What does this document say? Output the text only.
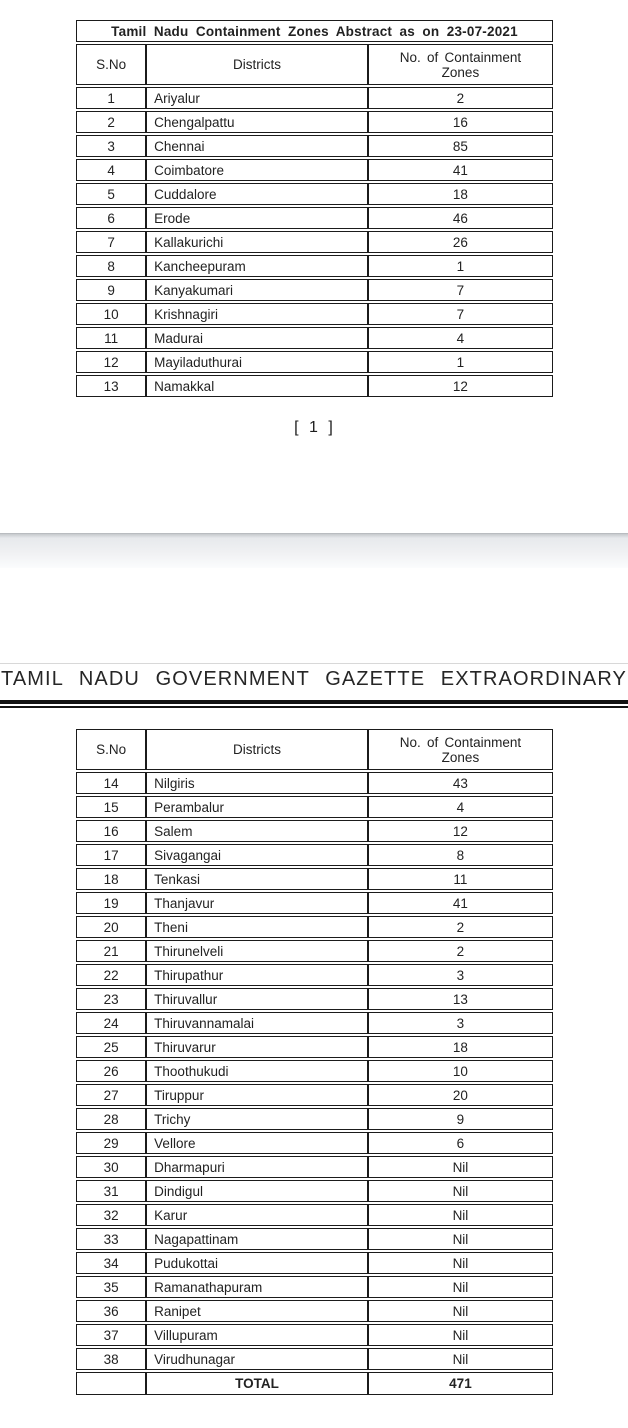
Tamil Nadu Containment Zones Abstract as on 23-07-2021		
S.No	Districts	No. of Containment Zones
1	Ariyalur	2
2	Chengalpattu	16
3	Chennai	85
4	Coimbatore	41
5	Cuddalore	18
6	Erode	46
7	Kallakurichi	26
8	Kancheepuram	1
9	Kanyakumari	7
10	Krishnagiri	7
11	Madurai	4
12	Mayiladuthurai	1
13	Namakkal	12
[ 1 ]
TAMIL NADU GOVERNMENT GAZETTE EXTRAORDINARY
S.No	Districts	No. of Containment Zones
14	Nilgiris	43
15	Perambalur	4
16	Salem	12
17	Sivagangai	8
18	Tenkasi	11
19	Thanjavur	41
20	Theni	2
21	Thirunelveli	2
22	Thirupathur	3
23	Thiruvallur	13
24	Thiruvannamalai	3
25	Thiruvarur	18
26	Thoothukudi	10
27	Tiruppur	20
28	Trichy	9
29	Vellore	6
30	Dharmapuri	Nil
31	Dindigul	Nil
32	Karur	Nil
33	Nagapattinam	Nil
34	Pudukottai	Nil
35	Ramanathapuram	Nil
36	Ranipet	Nil
37	Villupuram	Nil
38	Virudhunagar	Nil
	TOTAL	471
